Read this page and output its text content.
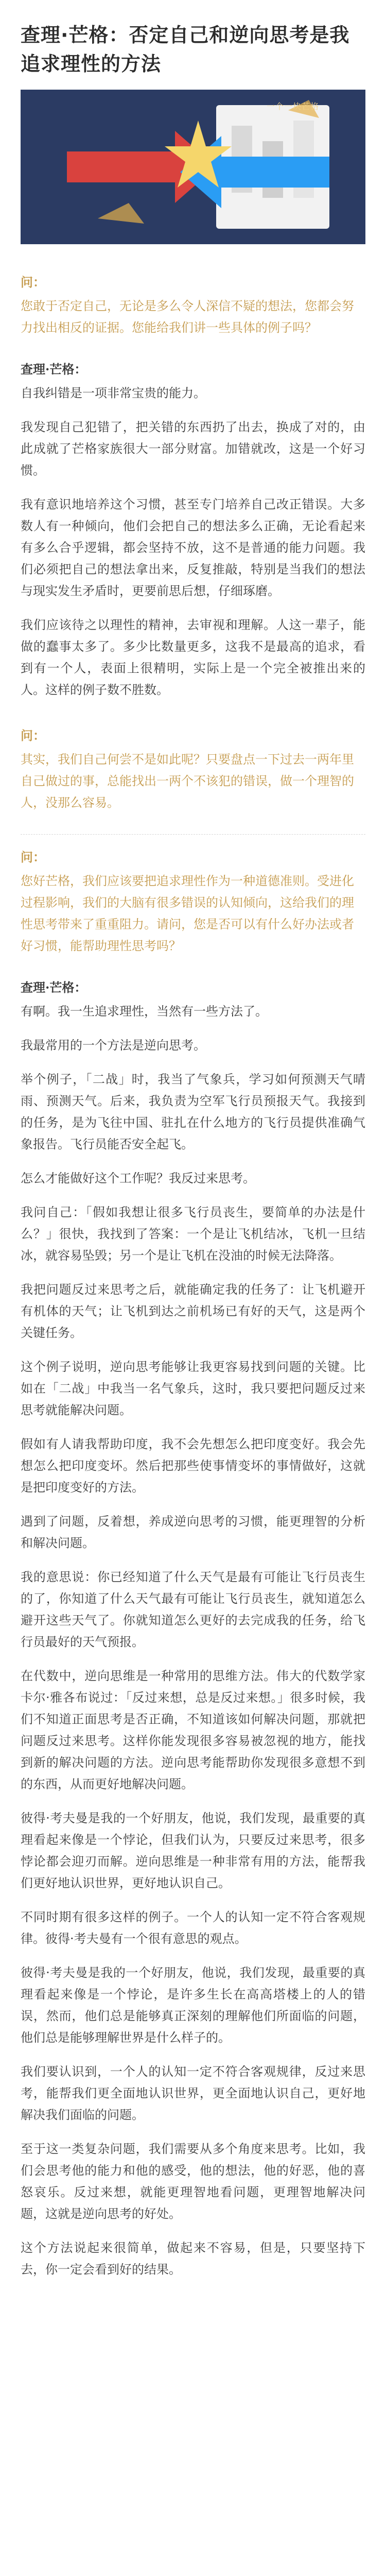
查理·芒格：否定自己和逆向思考是我追求理性的方法
一个一块芒格
问：
您敢于否定自己，无论是多么令人深信不疑的想法，您都会努力找出相反的证据。您能给我们讲一些具体的例子吗？
查理·芒格：
自我纠错是一项非常宝贵的能力。
我发现自己犯错了，把关错的东西扔了出去，换成了对的，由此成就了芒格家族很大一部分财富。加错就改，这是一个好习惯。
我有意识地培养这个习惯，甚至专门培养自己改正错误。大多数人有一种倾向，他们会把自己的想法多么正确，无论看起来有多么合乎逻辑，都会坚持不放，这不是普通的能力问题。我们必须把自己的想法拿出来，反复推敲，特别是当我们的想法与现实发生矛盾时，更要前思后想，仔细琢磨。
我们应该待之以理性的精神，去审视和理解。人这一辈子，能做的蠢事太多了。多少比数量更多，这我不是最高的追求，看到有一个人，表面上很精明，实际上是一个完全被推出来的人。这样的例子数不胜数。
问：
其实，我们自己何尝不是如此呢？只要盘点一下过去一两年里自己做过的事，总能找出一两个不该犯的错误，做一个理智的人，没那么容易。
问：
您好芒格，我们应该要把追求理性作为一种道德准则。受进化过程影响，我们的大脑有很多错误的认知倾向，这给我们的理性思考带来了重重阻力。请问，您是否可以有什么好办法或者好习惯，能帮助理性思考吗？
查理·芒格：
有啊。我一生追求理性，当然有一些方法了。
我最常用的一个方法是逆向思考。
举个例子，「二战」时，我当了气象兵，学习如何预测天气晴雨、预测天气。后来，我负责为空军飞行员预报天气。我接到的任务，是为飞往中国、驻扎在什么地方的飞行员提供准确气象报告。飞行员能否安全起飞。
怎么才能做好这个工作呢？我反过来思考。
我问自己：「假如我想让很多飞行员丧生，要简单的办法是什么？」很快，我找到了答案：一个是让飞机结冰，飞机一旦结冰，就容易坠毁；另一个是让飞机在没油的时候无法降落。
我把问题反过来思考之后，就能确定我的任务了：让飞机避开有机体的天气；让飞机到达之前机场已有好的天气，这是两个关键任务。
这个例子说明，逆向思考能够让我更容易找到问题的关键。比如在「二战」中我当一名气象兵，这时，我只要把问题反过来思考就能解决问题。
假如有人请我帮助印度，我不会先想怎么把印度变好。我会先想怎么把印度变坏。然后把那些使事情变坏的事情做好，这就是把印度变好的方法。
遇到了问题，反着想，养成逆向思考的习惯，能更理智的分析和解决问题。
我的意思说：你已经知道了什么天气是最有可能让飞行员丧生的了，你知道了什么天气最有可能让飞行员丧生，就知道怎么避开这些天气了。你就知道怎么更好的去完成我的任务，给飞行员最好的天气预报。
在代数中，逆向思维是一种常用的思维方法。伟大的代数学家卡尔·雅各布说过：「反过来想，总是反过来想。」很多时候，我们不知道正面思考是否正确，不知道该如何解决问题，那就把问题反过来思考。这样你能发现很多容易被忽视的地方，能找到新的解决问题的方法。逆向思考能帮助你发现很多意想不到的东西，从而更好地解决问题。
彼得·考夫曼是我的一个好朋友，他说，我们发现，最重要的真理看起来像是一个悖论，但我们认为，只要反过来思考，很多悖论都会迎刃而解。逆向思维是一种非常有用的方法，能帮我们更好地认识世界，更好地认识自己。
不同时期有很多这样的例子。一个人的认知一定不符合客观规律。彼得·考夫曼有一个很有意思的观点。
彼得·考夫曼是我的一个好朋友，他说，我们发现，最重要的真理看起来像是一个悖论，是许多生长在高高塔楼上的人的错误，然而，他们总是能够真正深刻的理解他们所面临的问题，他们总是能够理解世界是什么样子的。
我们要认识到，一个人的认知一定不符合客观规律，反过来思考，能帮我们更全面地认识世界，更全面地认识自己，更好地解决我们面临的问题。
至于这一类复杂问题，我们需要从多个角度来思考。比如，我们会思考他的能力和他的感受，他的想法，他的好恶，他的喜怒哀乐。反过来想，就能更理智地看问题，更理智地解决问题，这就是逆向思考的好处。
这个方法说起来很简单，做起来不容易，但是，只要坚持下去，你一定会看到好的结果。
